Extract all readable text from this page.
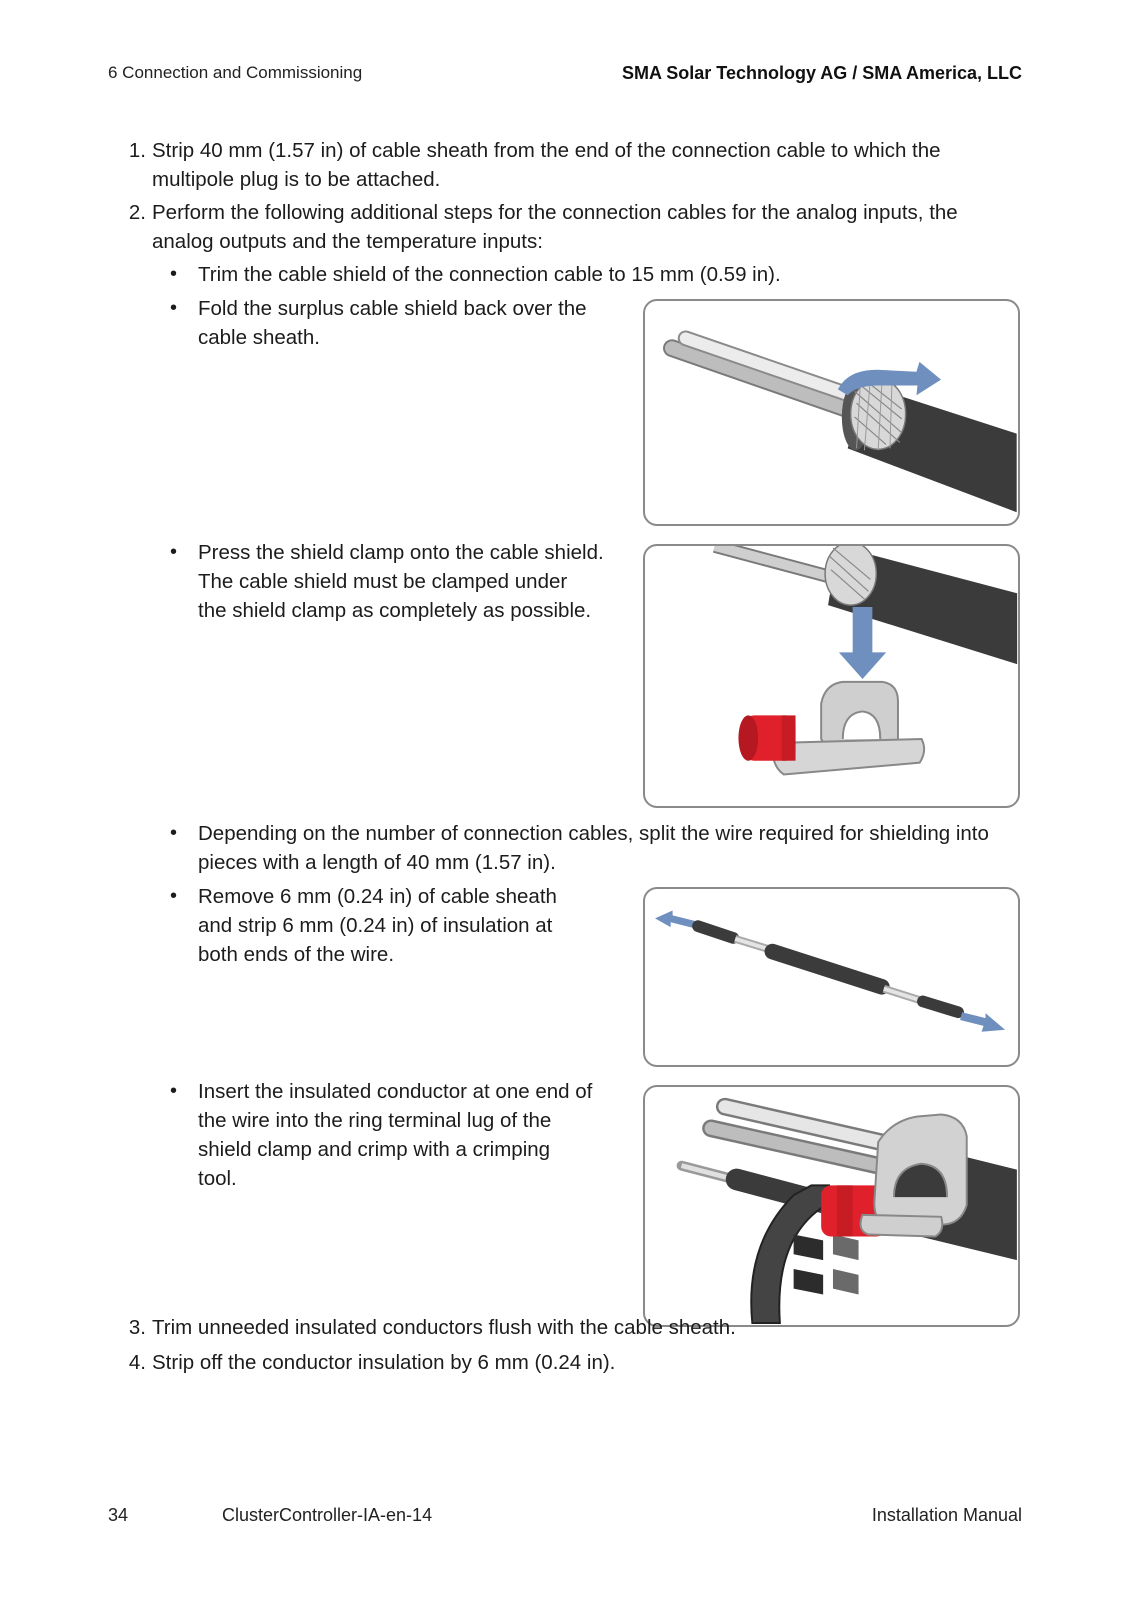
6 Connection and Commissioning	SMA Solar Technology AG / SMA America, LLC
1. Strip 40 mm (1.57 in) of cable sheath from the end of the connection cable to which the
multipole plug is to be attached.
2. Perform the following additional steps for the connection cables for the analog inputs, the
analog outputs and the temperature inputs:
• Trim the cable shield of the connection cable to 15 mm (0.59 in).
• Fold the surplus cable shield back over the
cable sheath.
• Press the shield clamp onto the cable shield.
The cable shield must be clamped under
the shield clamp as completely as possible.
• Depending on the number of connection cables, split the wire required for shielding into
pieces with a length of 40 mm (1.57 in).
• Remove 6 mm (0.24 in) of cable sheath
and strip 6 mm (0.24 in) of insulation at
both ends of the wire.
• Insert the insulated conductor at one end of
the wire into the ring terminal lug of the
shield clamp and crimp with a crimping
tool.
3. Trim unneeded insulated conductors flush with the cable sheath.
4. Strip off the conductor insulation by 6 mm (0.24 in).
34	ClusterController-IA-en-14	Installation Manual
